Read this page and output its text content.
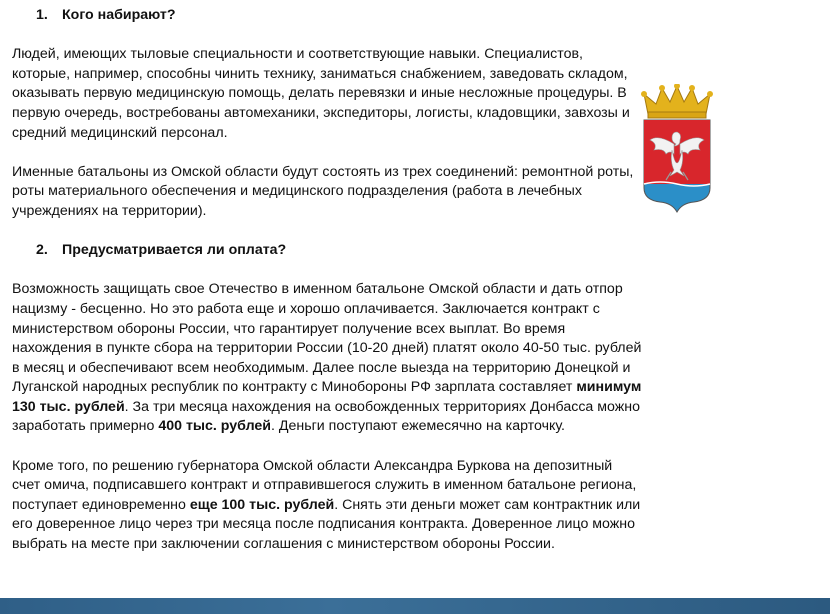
1. Кого набирают?

Людей, имеющих тыловые специальности и соответствующие навыки. Специалистов, которые, например, способны чинить технику, заниматься снабжением, заведовать складом, оказывать первую медицинскую помощь, делать перевязки и иные несложные процедуры. В первую очередь, востребованы автомеханики, экспедиторы, логисты, кладовщики, завхозы и средний медицинский персонал.

Именные батальоны из Омской области будут состоять из трех соединений: ремонтной роты, роты материального обеспечения и медицинского подразделения (работа в лечебных учреждениях на территории).

2. Предусматривается ли оплата?

Возможность защищать свое Отечество в именном батальоне Омской области и дать отпор нацизму - бесценно. Но это работа еще и хорошо оплачивается. Заключается контракт с министерством обороны России, что гарантирует получение всех выплат. Во время нахождения в пункте сбора на территории России (10-20 дней) платят около 40-50 тыс. рублей в месяц и обеспечивают всем необходимым. Далее после выезда на территорию Донецкой и Луганской народных республик по контракту с Минобороны РФ зарплата составляет минимум 130 тыс. рублей. За три месяца нахождения на освобожденных территориях Донбасса можно заработать примерно 400 тыс. рублей. Деньги поступают ежемесячно на карточку.

Кроме того, по решению губернатора Омской области Александра Буркова на депозитный счет омича, подписавшего контракт и отправившегося служить в именном батальоне региона, поступает единовременно еще 100 тыс. рублей. Снять эти деньги может сам контрактник или его доверенное лицо через три месяца после подписания контракта. Доверенное лицо можно выбрать на месте при заключении соглашения с министерством обороны России.
